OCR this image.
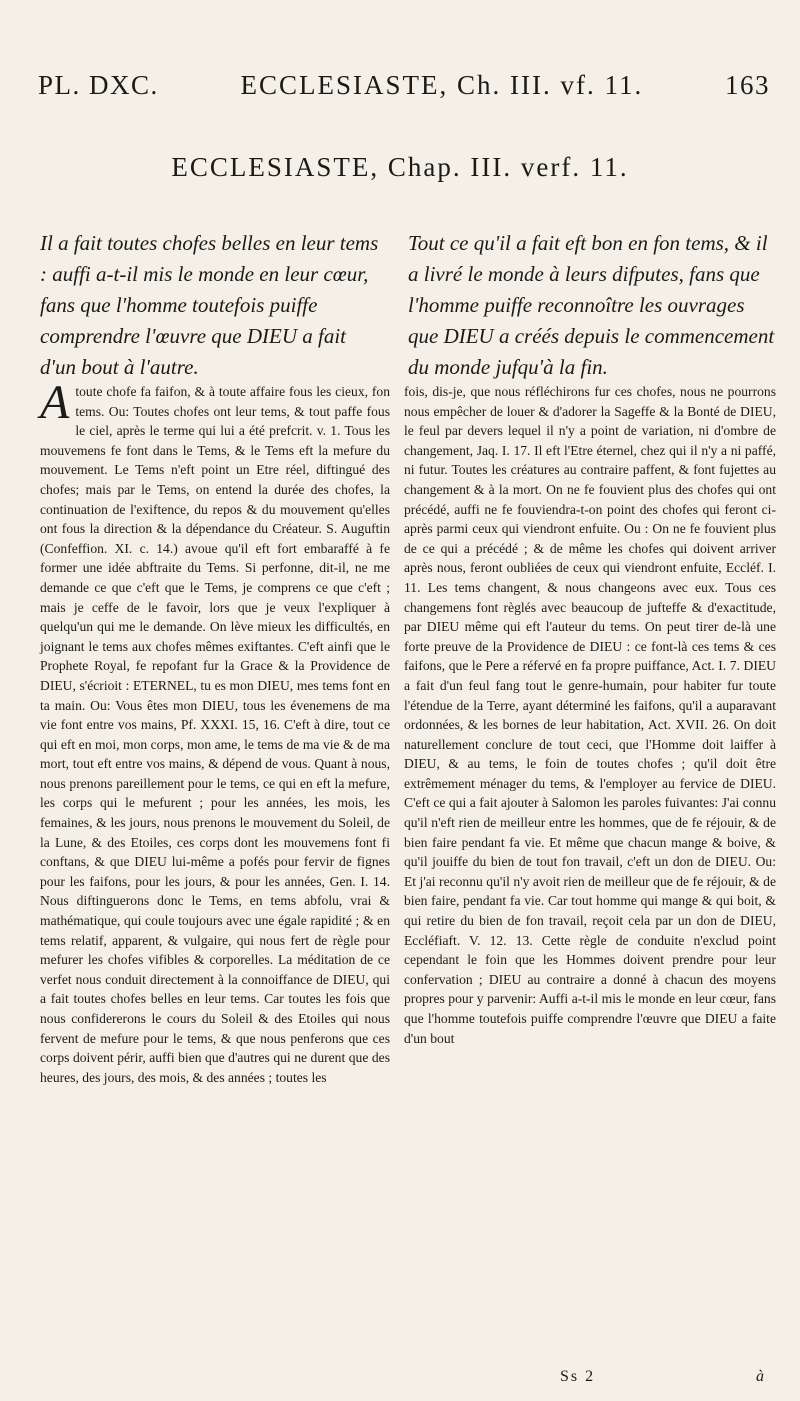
PL. DXC.	ECCLESIASTE, Ch. III. vf. 11.	163
ECCLESIASTE, Chap. III. verf. 11.
Il a fait toutes chofes belles en leur tems : auffi a-t-il mis le monde en leur cœur, fans que l'homme toutefois puiffe comprendre l'œuvre que DIEU a fait d'un bout à l'autre.
Tout ce qu'il a fait eft bon en fon tems, & il a livré le monde à leurs difputes, fans que l'homme puiffe reconnoître les ouvrages que DIEU a créés depuis le commencement du monde jufqu'à la fin.

Atoute chofe fa faifon, & à toute affaire fous les cieux, fon tems. Ou: Toutes chofes ont leur tems, & tout paffe fous le ciel, après le terme qui lui a été prefcrit. v. 1. Tous les mouvemens fe font dans le Tems, & le Tems eft la mefure du mouvement. Le Tems n'eft point un Etre réel, diftingué des chofes; mais par le Tems, on entend la durée des chofes, la continuation de l'exiftence, du repos & du mouvement qu'elles ont fous la direction & la dépendance du Créateur. S. Auguftin (Confeffion. XI. c. 14.) avoue qu'il eft fort embaraffé à fe former une idée abftraite du Tems. Si perfonne, dit-il, ne me demande ce que c'eft que le Tems, je comprens ce que c'eft ; mais je ceffe de le favoir, lors que je veux l'expliquer à quelqu'un qui me le demande. On lève mieux les difficultés, en joignant le tems aux chofes mêmes exiftantes. C'eft ainfi que le Prophete Royal, fe repofant fur la Grace & la Providence de DIEU, s'écrioit : ETERNEL, tu es mon DIEU, mes tems font en ta main. Ou: Vous êtes mon DIEU, tous les évenemens de ma vie font entre vos mains, Pf. XXXI. 15, 16. C'eft à dire, tout ce qui eft en moi, mon corps, mon ame, le tems de ma vie & de ma mort, tout eft entre vos mains, & dépend de vous. Quant à nous, nous prenons pareillement pour le tems, ce qui en eft la mefure, les corps qui le mefurent ; pour les années, les mois, les femaines, & les jours, nous prenons le mouvement du Soleil, de la Lune, & des Etoiles, ces corps dont les mouvemens font fi conftans, & que DIEU lui-même a pofés pour fervir de fignes pour les faifons, pour les jours, & pour les années, Gen. I. 14. Nous diftinguerons donc le Tems, en tems abfolu, vrai & mathématique, qui coule toujours avec une égale rapidité ; & en tems relatif, apparent, & vulgaire, qui nous fert de règle pour mefurer les chofes vifibles & corporelles. La méditation de ce verfet nous conduit directement à la connoiffance de DIEU, qui a fait toutes chofes belles en leur tems. Car toutes les fois que nous confidererons le cours du Soleil & des Etoiles qui nous fervent de mefure pour le tems, & que nous penferons que ces corps doivent périr, auffi bien que d'autres qui ne durent que des heures, des jours, des mois, & des années ; toutes les

fois, dis-je, que nous réfléchirons fur ces chofes, nous ne pourrons nous empêcher de louer & d'adorer la Sageffe & la Bonté de DIEU, le feul par devers lequel il n'y a point de variation, ni d'ombre de changement, Jaq. I. 17. Il eft l'Etre éternel, chez qui il n'y a ni paffé, ni futur. Toutes les créatures au contraire paffent, & font fujettes au changement & à la mort. On ne fe fouvient plus des chofes qui ont précédé, auffi ne fe fouviendra-t-on point des chofes qui feront ci-après parmi ceux qui viendront enfuite. Ou : On ne fe fouvient plus de ce qui a précédé ; & de même les chofes qui doivent arriver après nous, feront oubliées de ceux qui viendront enfuite, Eccléf. I. 11. Les tems changent, & nous changeons avec eux. Tous ces changemens font règlés avec beaucoup de jufteffe & d'exactitude, par DIEU même qui eft l'auteur du tems. On peut tirer de-là une forte preuve de la Providence de DIEU : ce font-là ces tems & ces faifons, que le Pere a réfervé en fa propre puiffance, Act. I. 7. DIEU a fait d'un feul fang tout le genre-humain, pour habiter fur toute l'étendue de la Terre, ayant déterminé les faifons, qu'il a auparavant ordonnées, & les bornes de leur habitation, Act. XVII. 26. On doit naturellement conclure de tout ceci, que l'Homme doit laiffer à DIEU, & au tems, le foin de toutes chofes ; qu'il doit être extrêmement ménager du tems, & l'employer au fervice de DIEU. C'eft ce qui a fait ajouter à Salomon les paroles fuivantes: J'ai connu qu'il n'eft rien de meilleur entre les hommes, que de fe réjouir, & de bien faire pendant fa vie. Et même que chacun mange & boive, & qu'il jouiffe du bien de tout fon travail, c'eft un don de DIEU. Ou: Et j'ai reconnu qu'il n'y avoit rien de meilleur que de fe réjouir, & de bien faire, pendant fa vie. Car tout homme qui mange & qui boit, & qui retire du bien de fon travail, reçoit cela par un don de DIEU, Eccléfiaft. V. 12. 13. Cette règle de conduite n'exclud point cependant le foin que les Hommes doivent prendre pour leur confervation ; DIEU au contraire a donné à chacun des moyens propres pour y parvenir: Auffi a-t-il mis le monde en leur cœur, fans que l'homme toutefois puiffe comprendre l'œuvre que DIEU a faite d'un bout

Ss 2	à
